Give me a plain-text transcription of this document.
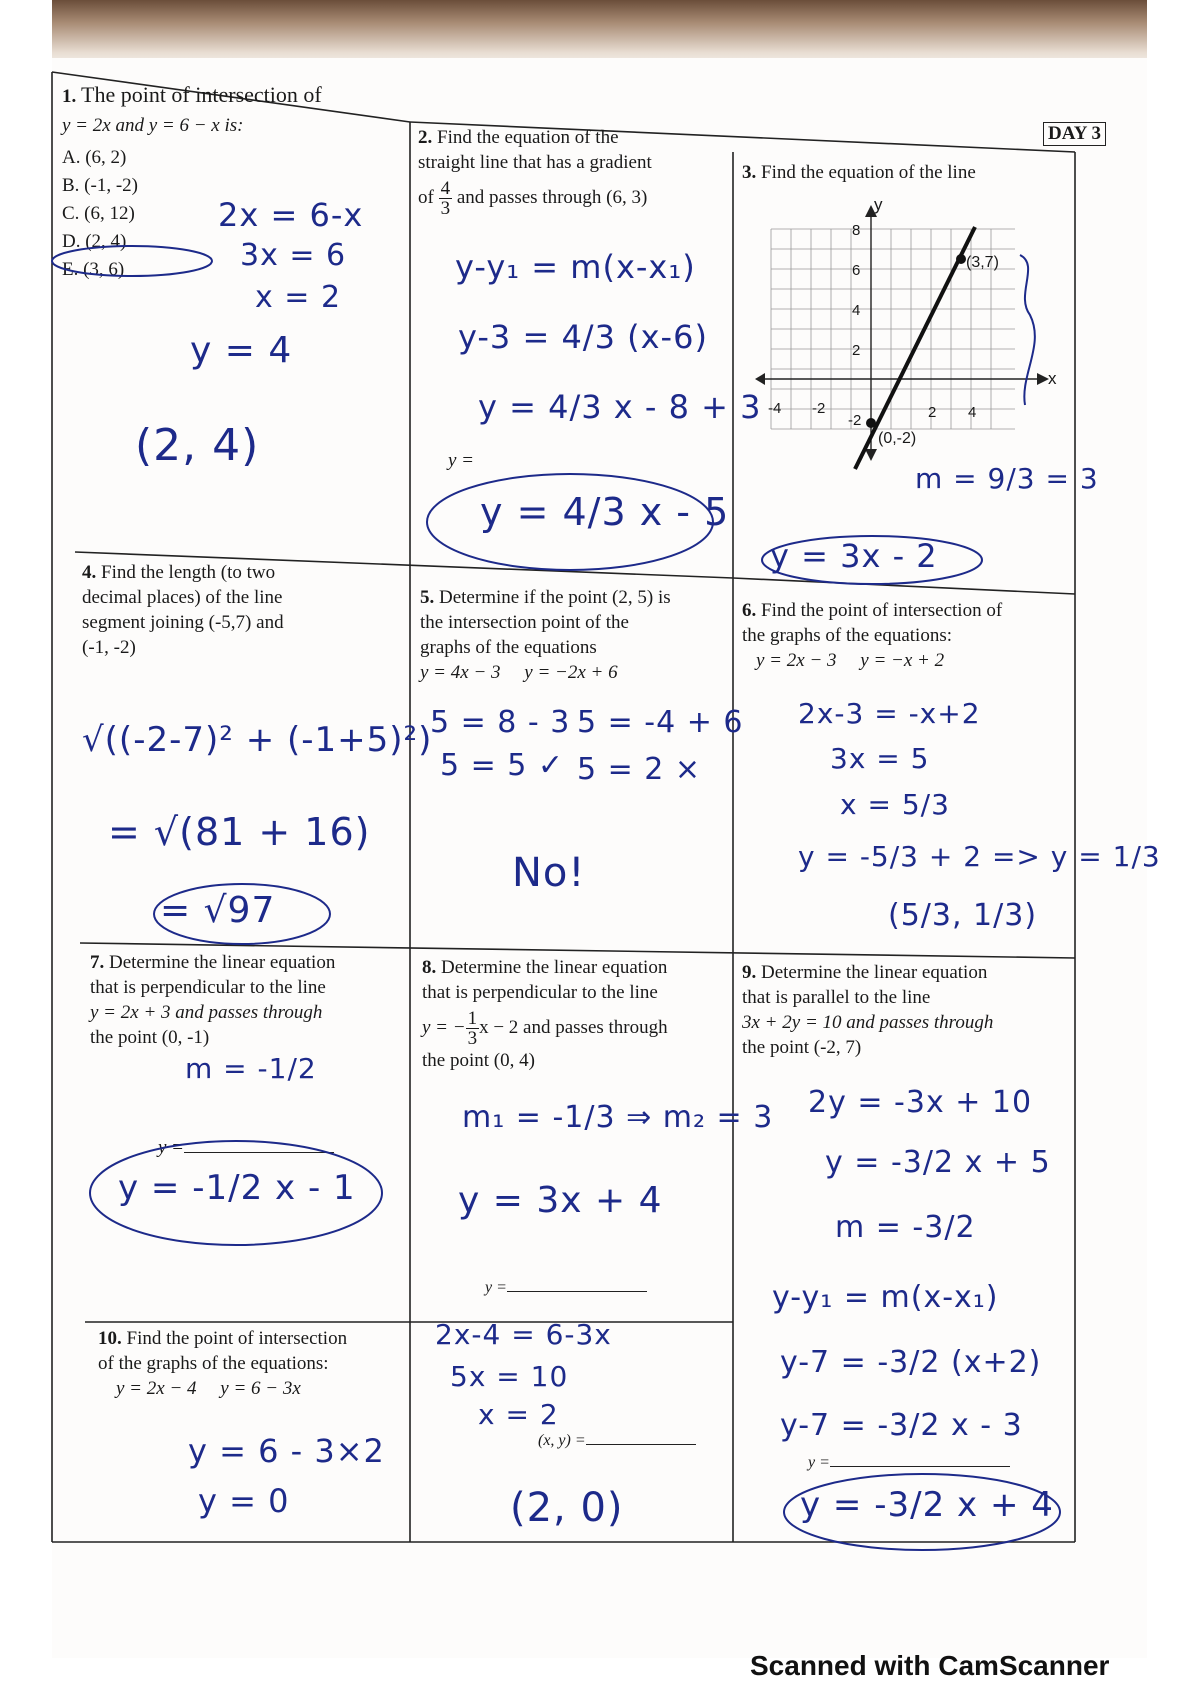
DAY 3
1. The point of intersection of
y = 2x and y = 6 − x is:
A. (6, 2)
B. (-1, -2)
C. (6, 12)
D. (2, 4)
E. (3, 6)
2x = 6-x
3x = 6
x = 2
y = 4
(2, 4)
2. Find the equation of the
straight line that has a gradient
of $\frac{4}{3}$ and passes through (6, 3)
y-y₁ = m(x-x₁)
y-3 = 4/3 (x-6)
y = 4/3 x - 8 + 3
y =
y = 4/3 x - 5
3. Find the equation of the line
y
x
8
6
4
2
-2
-4 -2	2 4
(3,7)
(0,-2)
m = 9/3 = 3
y = 3x - 2
4. Find the length (to two
decimal places) of the line
segment joining (-5,7) and
(-1, -2)
√((-2-7)² + (-1+5)²)
= √(81 + 16)
= √97
5. Determine if the point (2, 5) is
the intersection point of the
graphs of the equations
y = 4x − 3 y = −2x + 6
5 = 8 - 3
5 = 5 ✓
5 = -4 + 6
5 = 2 ×
No!
6. Find the point of intersection of
the graphs of the equations:
y = 2x − 3 y = −x + 2
2x-3 = -x+2
3x = 5
x = 5/3
y = -5/3 + 2 => y = 1/3
(5/3, 1/3)
7. Determine the linear equation
that is perpendicular to the line
y = 2x + 3 and passes through
the point (0, -1)
m = -1/2
y =
y = -1/2 x - 1
8. Determine the linear equation
that is perpendicular to the line
y = − $\frac{1}{3}$ x − 2 and passes through
the point (0, 4)
m₁ = -1/3 ⇒ m₂ = 3
y = 3x + 4
y =
9. Determine the linear equation
that is parallel to the line
3x + 2y = 10 and passes through
the point (-2, 7)
2y = -3x + 10
y = -3/2 x + 5
m = -3/2
y-y₁ = m(x-x₁)
y-7 = -3/2 (x+2)
y-7 = -3/2 x - 3
y =
y = -3/2 x + 4
10. Find the point of intersection
of the graphs of the equations:
y = 2x − 4 y = 6 − 3x
y = 6 - 3×2
y = 0
2x-4 = 6-3x
5x = 10
x = 2
(x, y) =
(2, 0)
Scanned with CamScanner
